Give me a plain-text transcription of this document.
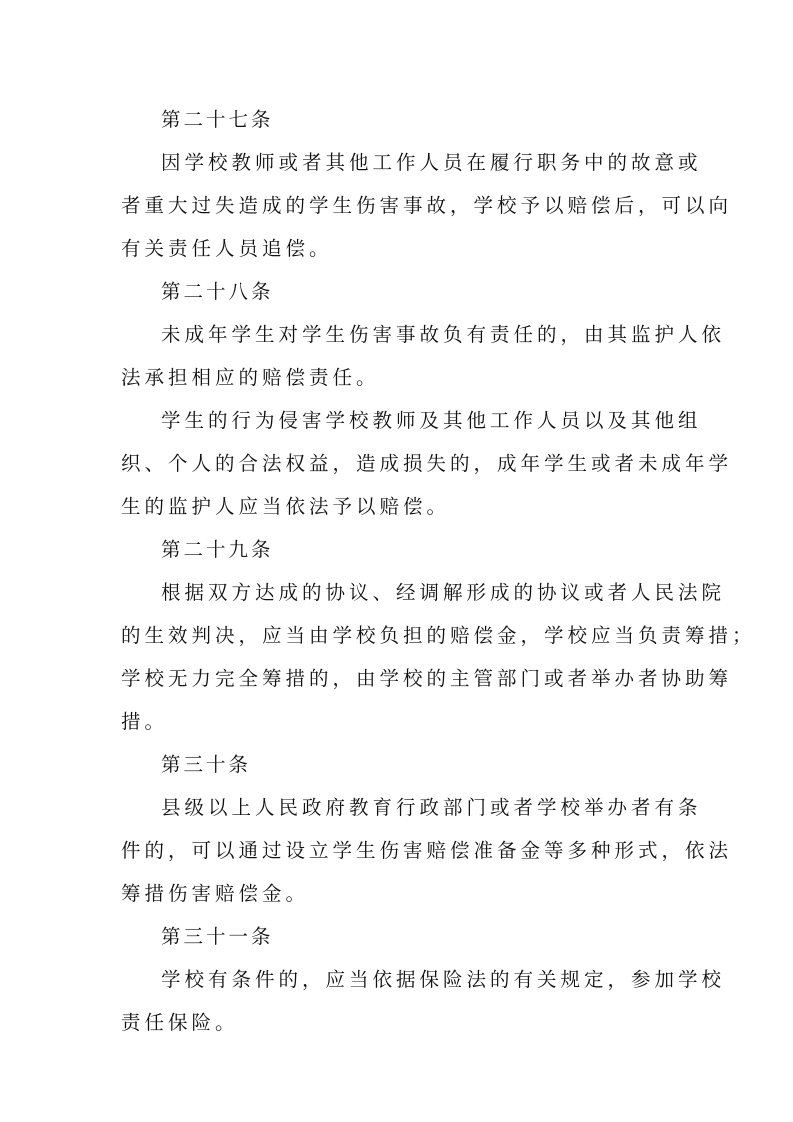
第二十七条

因学校教师或者其他工作人员在履行职务中的故意或
者重大过失造成的学生伤害事故，学校予以赔偿后，可以向
有关责任人员追偿。

第二十八条

未成年学生对学生伤害事故负有责任的，由其监护人依
法承担相应的赔偿责任。

学生的行为侵害学校教师及其他工作人员以及其他组
织、个人的合法权益，造成损失的，成年学生或者未成年学
生的监护人应当依法予以赔偿。

第二十九条

根据双方达成的协议、经调解形成的协议或者人民法院
的生效判决，应当由学校负担的赔偿金，学校应当负责筹措；
学校无力完全筹措的，由学校的主管部门或者举办者协助筹
措。

第三十条

县级以上人民政府教育行政部门或者学校举办者有条
件的，可以通过设立学生伤害赔偿准备金等多种形式，依法
筹措伤害赔偿金。

第三十一条

学校有条件的，应当依据保险法的有关规定，参加学校
责任保险。
